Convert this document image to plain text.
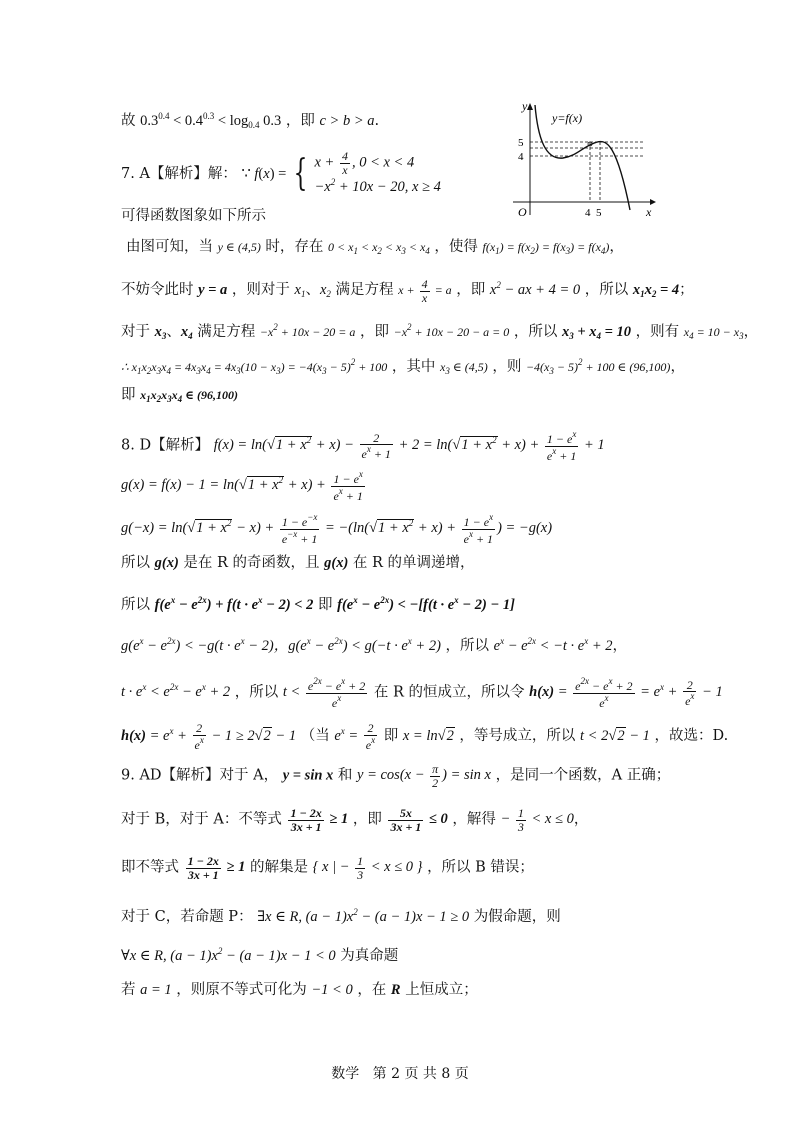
故 $0.3^{0.4} < 0.4^{0.3} < \log_{0.4} 0.3$ ，即 c > b > a.
7. A【解析】解： ∵ f(x) = { $x + \frac{4}{x}$ , 0 < x < 4
$-x^2 + 10x - 20$, x ≥ 4
可得函数图象如下所示
y
y=f(x)
5
4
O	4 5	x
由图可知，当 y ∈ (4,5) 时，存在 $0 < x_1 < x_2 < x_3 < x_4$ ，使得 $f(x_1) = f(x_2) = f(x_3) = f(x_4)$，
不妨令此时 y = a ，则对于 $x_1$、$x_2$ 满足方程 $x + \frac{4}{x} = a$ ，即 $x^2$ − ax + 4 = 0 ，所以 $x_1x_2 = 4$；
对于 $x_3$、$x_4$ 满足方程 $-x^2 + 10x - 20 = a$ ，即 $-x^2 + 10x - 20 - a = 0$ ，所以 $x_3 + x_4 = 10$ ，则有 $x_4 = 10 - x_3$，
∴ $x_1x_2x_3x_4 = 4x_3x_4 = 4x_3(10 - x_3) = -4(x_3 - 5)^2 + 100$ ，其中 $x_3$ ∈ (4,5) ，则 $-4(x_3 - 5)^2 + 100$ ∈ (96,100)，
即 $x_1x_2x_3x_4$ ∈ (96,100)
8. D【解析】 $f(x) = \ln(√1 + x^2 + x) - \frac{2}{e^x + 1} + 2 = \ln(√1 + x^2 + x) + \frac{1 - e^x}{e^x + 1} + 1$
$g(x) = f(x) - 1 = \ln(√1 + x^2 + x) + \frac{1 - e^x}{e^x + 1}$
$g(-x) = \ln(√1 + x^2 - x) + \frac{1 - e^{-x}}{e^{-x} + 1} = -(\ln(√1 + x^2 + x) + \frac{1 - e^x}{e^x + 1}$ ) = −g(x)
所以 g(x) 是在 R 的奇函数，且 g(x) 在 R 的单调递增，
所以 $f(e^x - e^{2x}) + f(t \cdot e^x - 2) < 2$ 即 $f(e^x - e^{2x}) < -[f(t \cdot e^x - 2) - 1]$
$g(e^x - e^{2x}) < -g(t \cdot e^x - 2)$，$g(e^x - e^{2x}) < g(-t \cdot e^x + 2)$ ，所以 $e^x - e^{2x} < -t \cdot e^x + 2$，
$t \cdot e^x < e^{2x} - e^x + 2$ ，所以 $t < \frac{e^{2x} - e^x + 2}{e^x}$ 在 R 的恒成立，所以令 $h(x) = \frac{e^{2x} - e^x + 2}{e^x} = e^x + \frac{2}{e^x} - 1$
$h(x) = e^x + \frac{2}{e^x} - 1 \ge 2√2 - 1$ （当 $e^x = \frac{2}{e^x}$ 即 x = ln√2 ，等号成立，所以 t < 2√2 − 1 ，故选：D.
9. AD【解析】对于 A， y = sin x 和 $y = \cos(x - \frac{\pi}{2}$ ) = sin x ，是同一个函数，A 正确；
对于 B，对于 A：不等式 $\frac{1 - 2x}{3x + 1} \ge 1$ ，即 $\frac{5x}{3x + 1} \le 0$ ，解得 − $\frac{1}{3} < x \le 0$，
即不等式 $\frac{1 - 2x}{3x + 1} \ge 1$ 的解集是 { x | − $\frac{1}{3} < x \le 0$ } ，所以 B 错误；
对于 C，若命题 P： ∃x ∈ R, $(a - 1)x^2 - (a - 1)x - 1 \ge 0$ 为假命题，则
∀x ∈ R, $(a - 1)x^2 - (a - 1)x - 1 < 0$ 为真命题
若 a = 1 ，则原不等式可化为 −1 < 0 ，在 R 上恒成立；
数学 第 2 页 共 8 页
